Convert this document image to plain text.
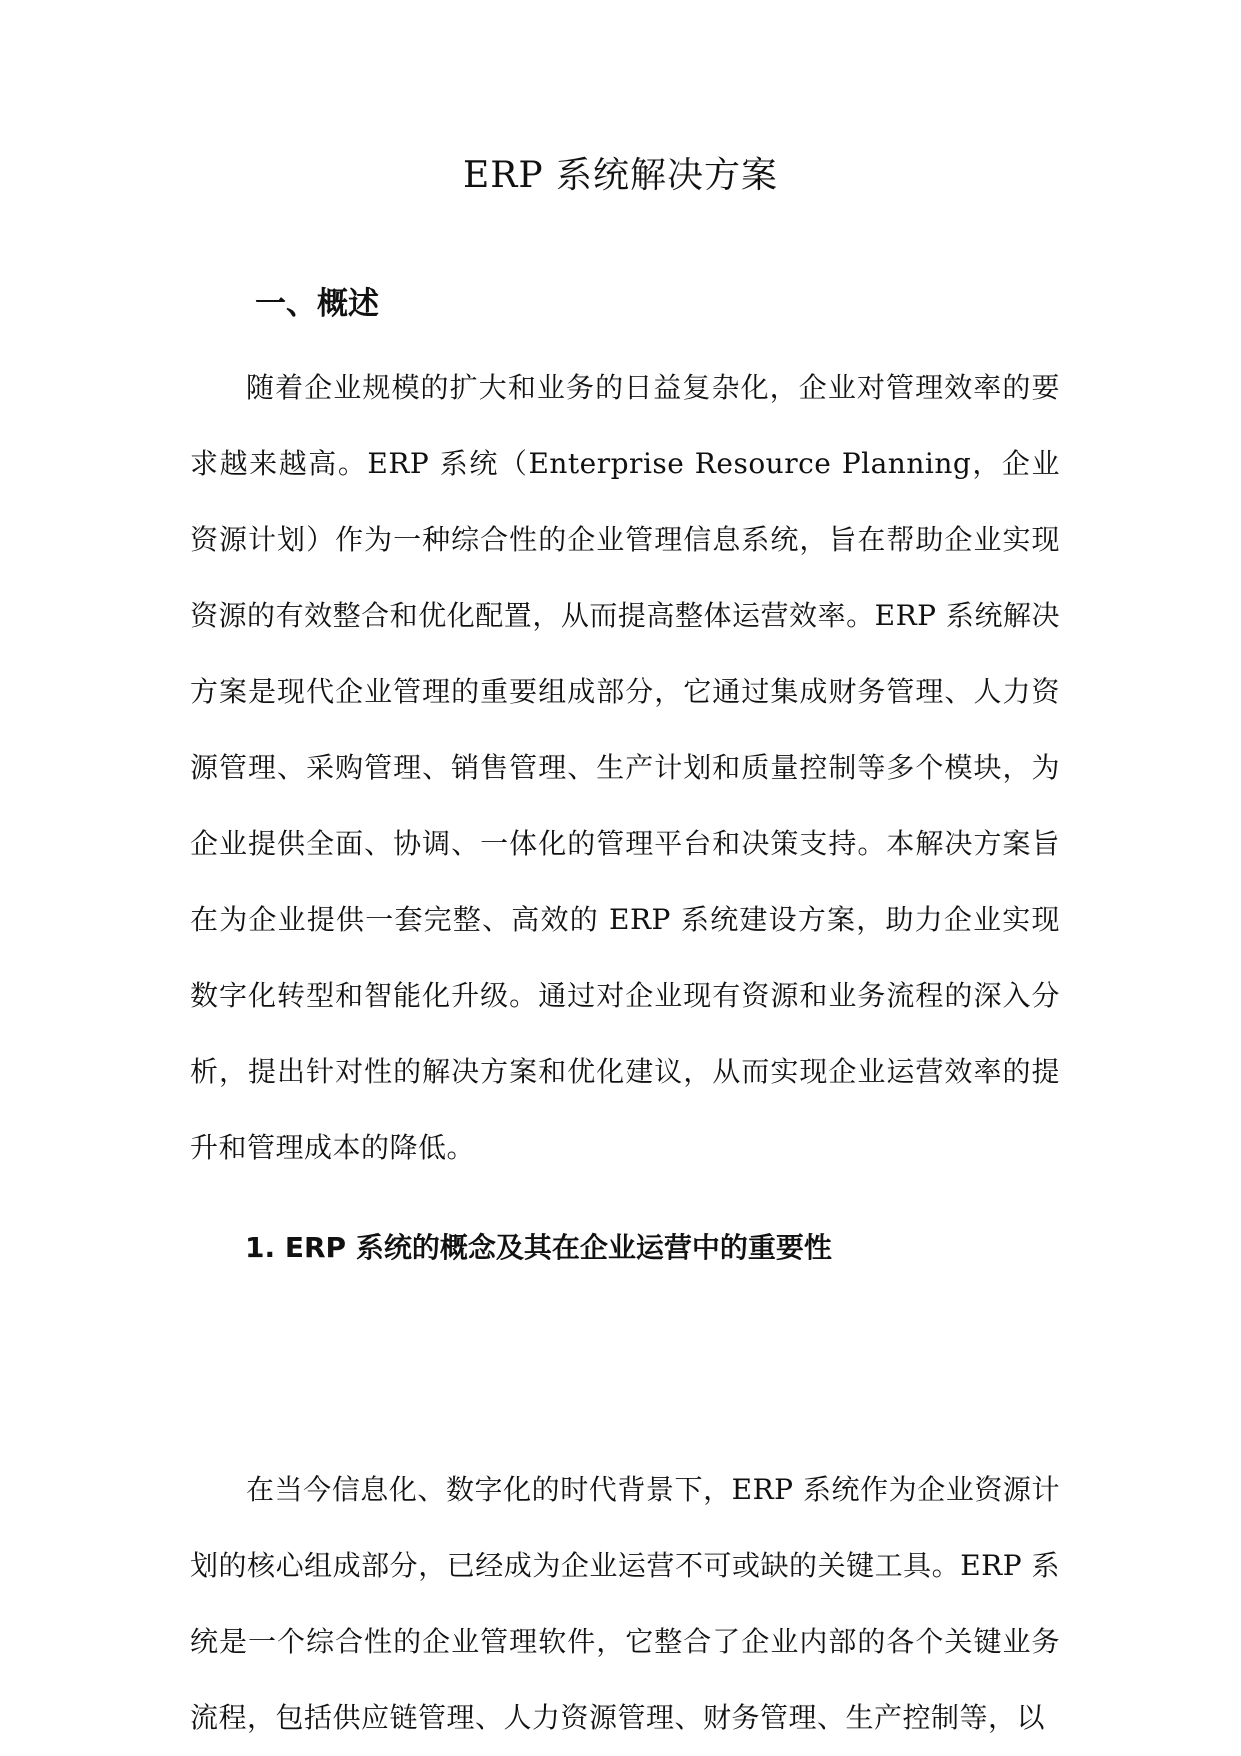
ERP 系统解决方案
一、概述

随着企业规模的扩大和业务的日益复杂化，企业对管理效率的要求越来越高。ERP 系统（Enterprise Resource Planning，企业资源计划）作为一种综合性的企业管理信息系统，旨在帮助企业实现资源的有效整合和优化配置，从而提高整体运营效率。ERP 系统解决方案是现代企业管理的重要组成部分，它通过集成财务管理、人力资源管理、采购管理、销售管理、生产计划和质量控制等多个模块，为企业提供全面、协调、一体化的管理平台和决策支持。本解决方案旨在为企业提供一套完整、高效的 ERP 系统建设方案，助力企业实现数字化转型和智能化升级。通过对企业现有资源和业务流程的深入分析，提出针对性的解决方案和优化建议，从而实现企业运营效率的提升和管理成本的降低。

1. ERP 系统的概念及其在企业运营中的重要性

在当今信息化、数字化的时代背景下，ERP 系统作为企业资源计划的核心组成部分，已经成为企业运营不可或缺的关键工具。ERP 系统是一个综合性的企业管理软件，它整合了企业内部的各个关键业务流程，包括供应链管理、人力资源管理、财务管理、生产控制等，以
